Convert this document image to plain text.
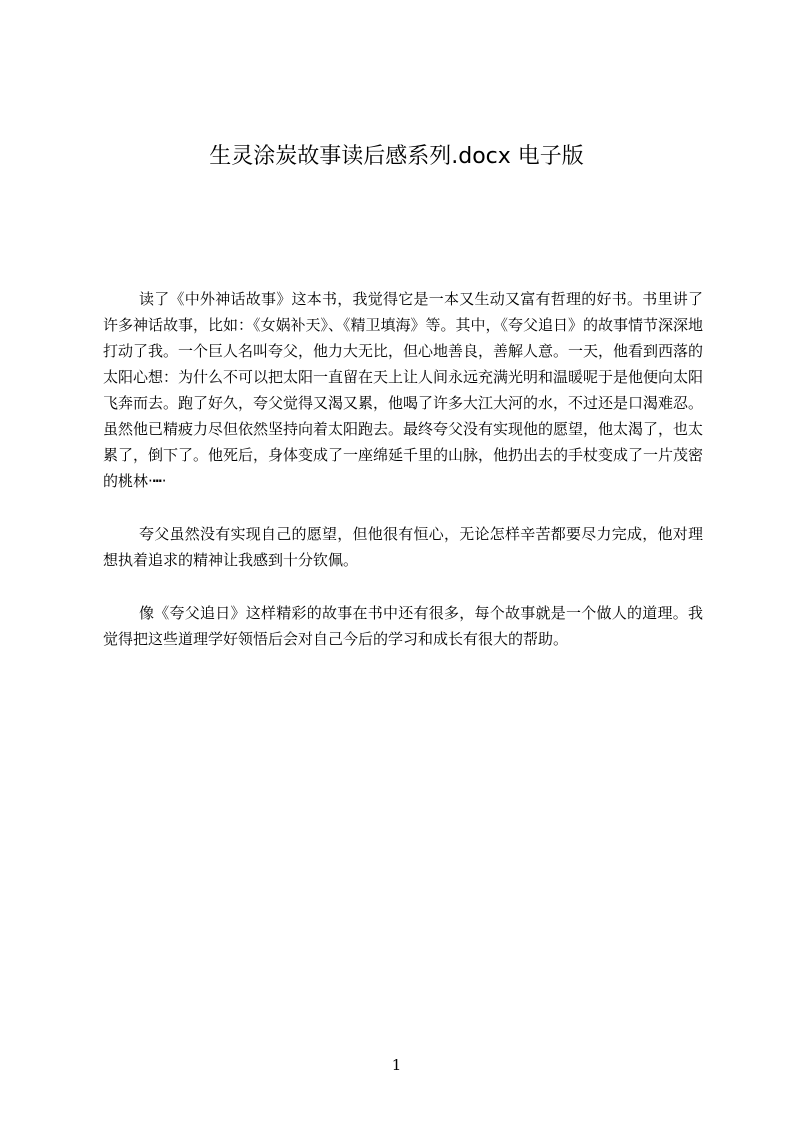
生灵涂炭故事读后感系列.docx 电子版

读了《中外神话故事》这本书，我觉得它是一本又生动又富有哲理的好书。书里讲了许多神话故事，比如：《女娲补天》、《精卫填海》等。其中，《夸父追日》的故事情节深深地打动了我。一个巨人名叫夸父，他力大无比，但心地善良，善解人意。一天，他看到西落的太阳心想：为什么不可以把太阳一直留在天上让人间永远充满光明和温暖呢于是他便向太阳飞奔而去。跑了好久，夸父觉得又渴又累，他喝了许多大江大河的水，不过还是口渴难忍。虽然他已精疲力尽但依然坚持向着太阳跑去。最终夸父没有实现他的愿望，他太渴了，也太累了，倒下了。他死后，身体变成了一座绵延千里的山脉，他扔出去的手杖变成了一片茂密的桃林·┅·

夸父虽然没有实现自己的愿望，但他很有恒心，无论怎样辛苦都要尽力完成，他对理想执着追求的精神让我感到十分钦佩。

像《夸父追日》这样精彩的故事在书中还有很多，每个故事就是一个做人的道理。我觉得把这些道理学好领悟后会对自己今后的学习和成长有很大的帮助。

1
